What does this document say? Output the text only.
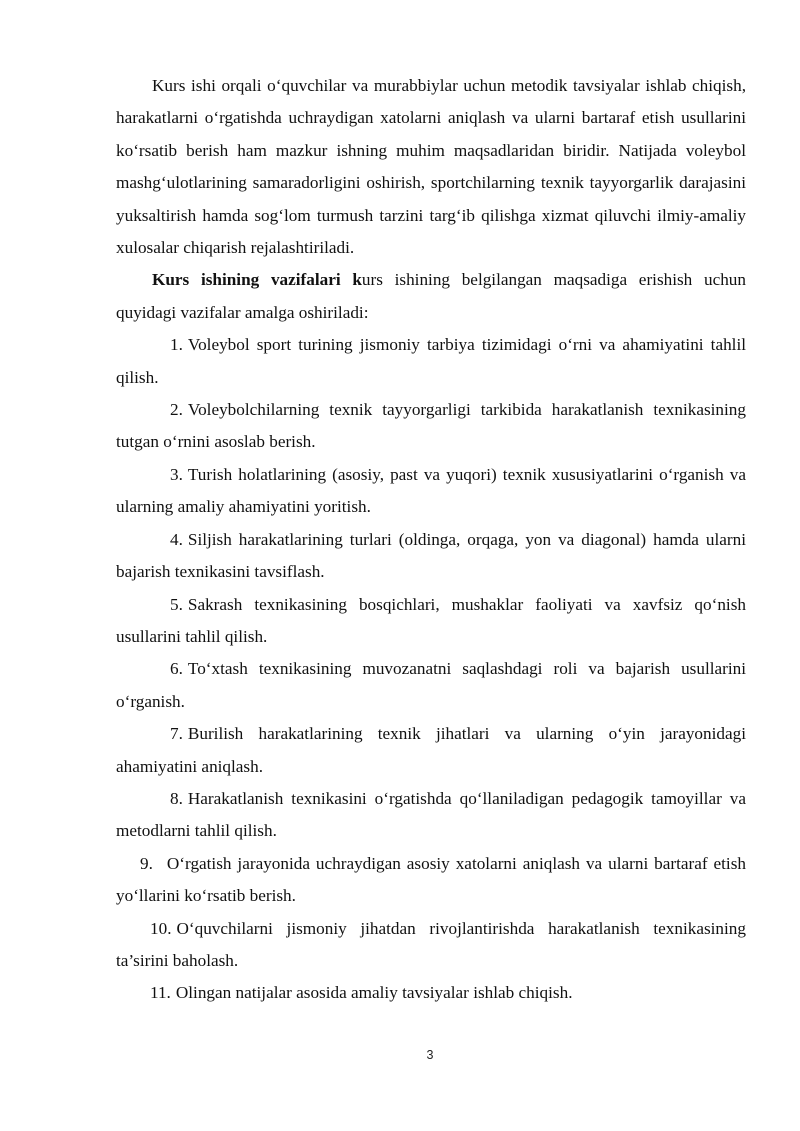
Kurs ishi orqali o‘quvchilar va murabbiylar uchun metodik tavsiyalar ishlab chiqish, harakatlarni o‘rgatishda uchraydigan xatolarni aniqlash va ularni bartaraf etish usullarini ko‘rsatib berish ham mazkur ishning muhim maqsadlaridan biridir. Natijada voleybol mashg‘ulotlarining samaradorligini oshirish, sportchilarning texnik tayyorgarlik darajasini yuksaltirish hamda sog‘lom turmush tarzini targ‘ib qilishga xizmat qiluvchi ilmiy-amaliy xulosalar chiqarish rejalashtiriladi.

Kurs ishining vazifalari kurs ishining belgilangan maqsadiga erishish uchun quyidagi vazifalar amalga oshiriladi:

1. Voleybol sport turining jismoniy tarbiya tizimidagi o‘rni va ahamiyatini tahlil qilish.

2. Voleybolchilarning texnik tayyorgarligi tarkibida harakatlanish texnikasining tutgan o‘rnini asoslab berish.

3. Turish holatlarining (asosiy, past va yuqori) texnik xususiyatlarini o‘rganish va ularning amaliy ahamiyatini yoritish.

4. Siljish harakatlarining turlari (oldinga, orqaga, yon va diagonal) hamda ularni bajarish texnikasini tavsiflash.

5. Sakrash texnikasining bosqichlari, mushaklar faoliyati va xavfsiz qo‘nish usullarini tahlil qilish.

6. To‘xtash texnikasining muvozanatni saqlashdagi roli va bajarish usullarini o‘rganish.

7. Burilish harakatlarining texnik jihatlari va ularning o‘yin jarayonidagi ahamiyatini aniqlash.

8. Harakatlanish texnikasini o‘rgatishda qo‘llaniladigan pedagogik tamoyillar va metodlarni tahlil qilish.

9. O‘rgatish jarayonida uchraydigan asosiy xatolarni aniqlash va ularni bartaraf etish yo‘llarini ko‘rsatib berish.

10. O‘quvchilarni jismoniy jihatdan rivojlantirishda harakatlanish texnikasining ta’sirini baholash.

11. Olingan natijalar asosida amaliy tavsiyalar ishlab chiqish.

3
